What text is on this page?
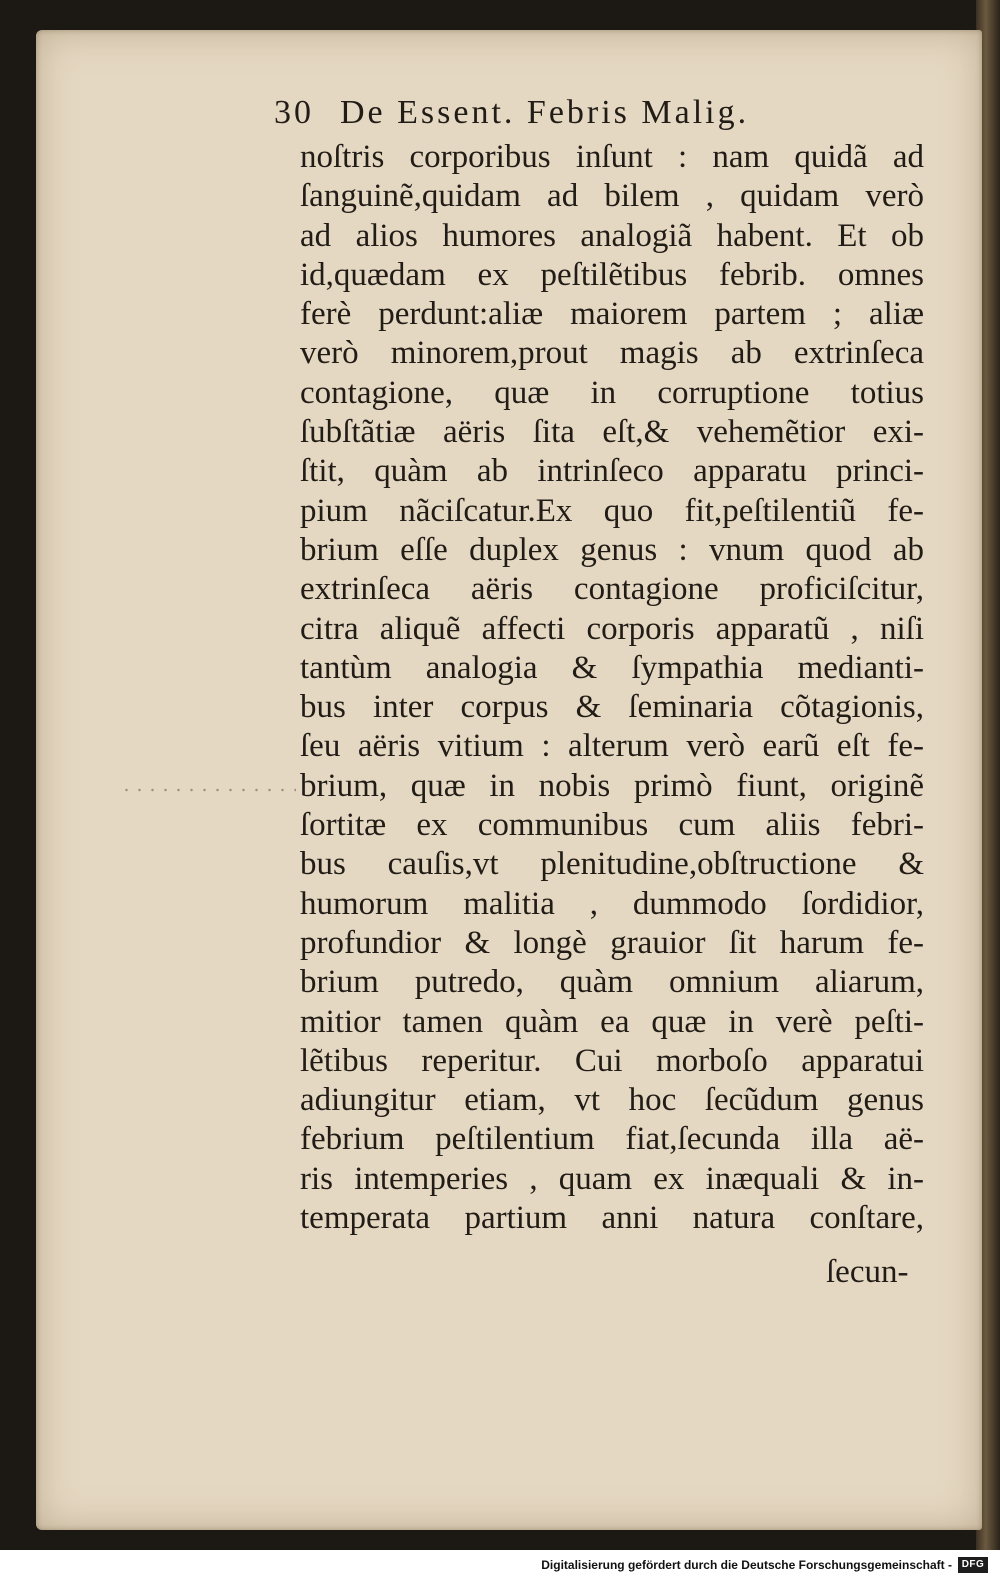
30 De Essent. Febris Malig.
noſtris corporibus inſunt : nam quidã ad
ſanguinẽ,quidam ad bilem , quidam verò
ad alios humores analogiã habent. Et ob
id,quædam ex peſtilẽtibus febrib. omnes
ferè perdunt:aliæ maiorem partem ; aliæ
verò minorem,prout magis ab extrinſeca
contagione, quæ in corruptione totius
ſubſtãtiæ aëris ſita eſt,& vehemẽtior exi-
ſtit, quàm ab intrinſeco apparatu princi-
pium nãciſcatur.Ex quo fit,peſtilentiũ fe-
brium eſſe duplex genus : vnum quod ab
extrinſeca aëris contagione proficiſcitur,
citra aliquẽ affecti corporis apparatũ , niſi
tantùm analogia & ſympathia medianti-
bus inter corpus & ſeminaria cõtagionis,
ſeu aëris vitium : alterum verò earũ eſt fe-
brium, quæ in nobis primò fiunt, originẽ
ſortitæ ex communibus cum aliis febri-
bus cauſis,vt plenitudine,obſtructione &
humorum malitia , dummodo ſordidior,
profundior & longè grauior ſit harum fe-
brium putredo, quàm omnium aliarum,
mitior tamen quàm ea quæ in verè peſti-
lẽtibus reperitur. Cui morboſo apparatui
adiungitur etiam, vt hoc ſecũdum genus
febrium peſtilentium fiat,ſecunda illa aë-
ris intemperies , quam ex inæquali & in-
temperata partium anni natura conſtare,
ſecun-
Digitalisierung gefördert durch die Deutsche Forschungsgemeinschaft - DFG
